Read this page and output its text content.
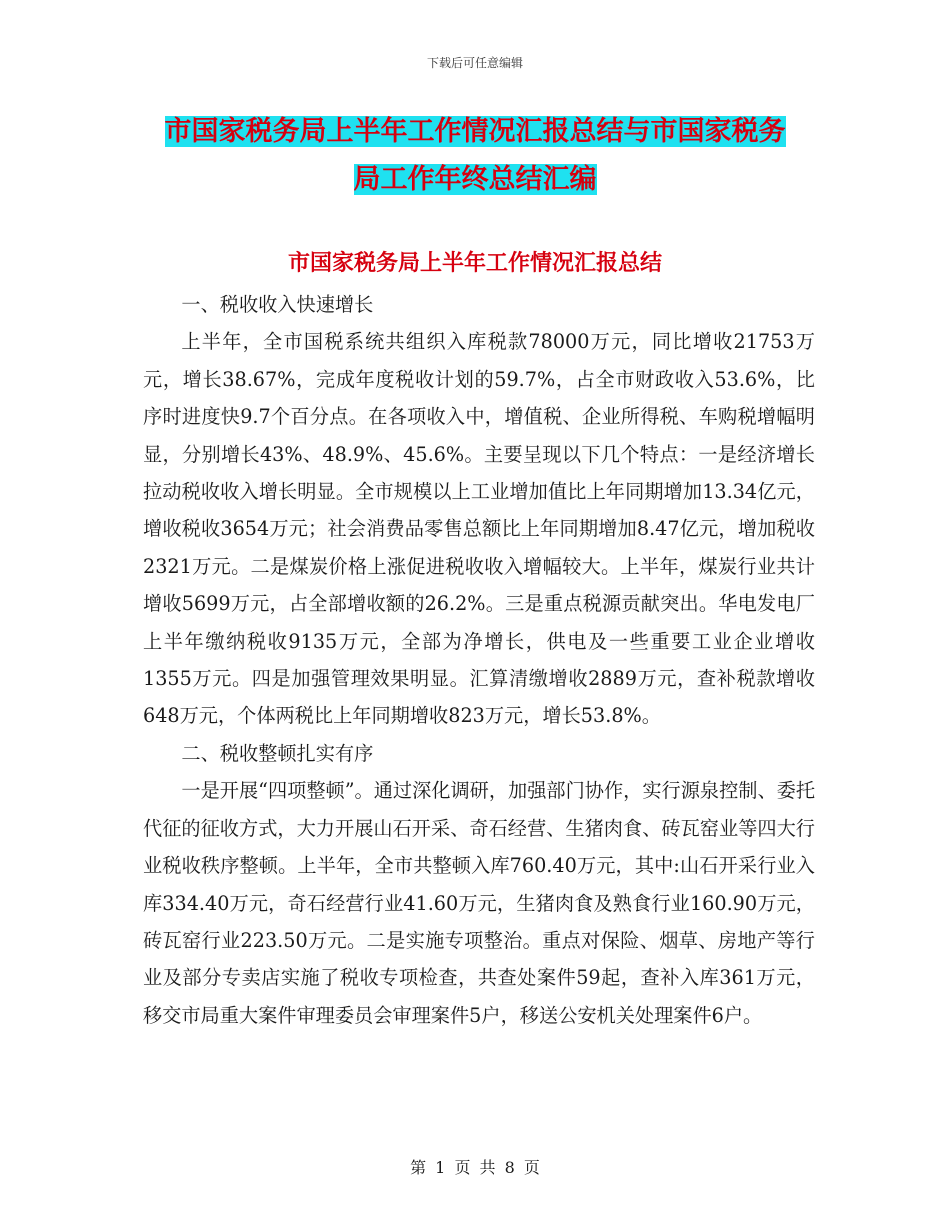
下载后可任意编辑
市国家税务局上半年工作情况汇报总结与市国家税务
局工作年终总结汇编
市国家税务局上半年工作情况汇报总结

一、税收收入快速增长

上半年，全市国税系统共组织入库税款78000万元，同比增收21753万元，增长38.67%，完成年度税收计划的59.7%，占全市财政收入53.6%，比序时进度快9.7个百分点。在各项收入中，增值税、企业所得税、车购税增幅明显，分别增长43%、48.9%、45.6%。主要呈现以下几个特点：一是经济增长拉动税收收入增长明显。全市规模以上工业增加值比上年同期增加13.34亿元，增收税收3654万元；社会消费品零售总额比上年同期增加8.47亿元，增加税收2321万元。二是煤炭价格上涨促进税收收入增幅较大。上半年，煤炭行业共计增收5699万元，占全部增收额的26.2%。三是重点税源贡献突出。华电发电厂上半年缴纳税收9135万元，全部为净增长，供电及一些重要工业企业增收1355万元。四是加强管理效果明显。汇算清缴增收2889万元，查补税款增收648万元，个体两税比上年同期增收823万元，增长53.8%。

二、税收整顿扎实有序

一是开展“四项整顿”。通过深化调研，加强部门协作，实行源泉控制、委托代征的征收方式，大力开展山石开采、奇石经营、生猪肉食、砖瓦窑业等四大行业税收秩序整顿。上半年，全市共整顿入库760.40万元，其中:山石开采行业入库334.40万元，奇石经营行业41.60万元，生猪肉食及熟食行业160.90万元，砖瓦窑行业223.50万元。二是实施专项整治。重点对保险、烟草、房地产等行业及部分专卖店实施了税收专项检查，共查处案件59起，查补入库361万元，移交市局重大案件审理委员会审理案件5户，移送公安机关处理案件6户。

第 1 页 共 8 页
